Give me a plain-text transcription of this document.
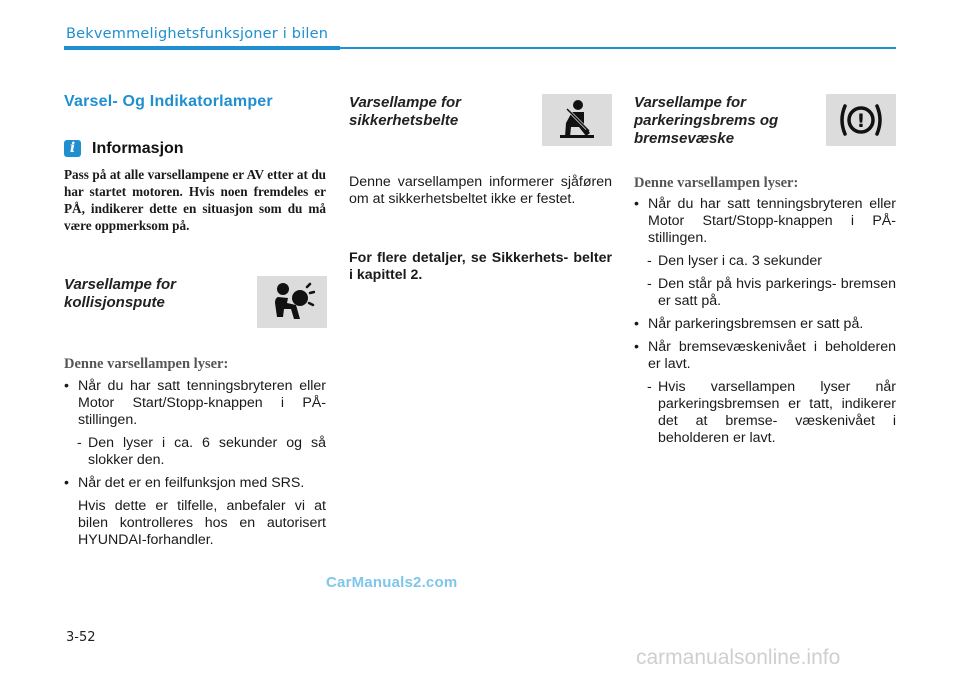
Bekvemmelighetsfunksjoner i bilen
Varsel- Og Indikatorlamper
i	Informasjon
Pass på at alle varsellampene er AV etter at du har startet motoren. Hvis noen fremdeles er PÅ, indikerer dette en situasjon som du må være oppmerksom på.
Varsellampe for
kollisjonspute
Denne varsellampen lyser:
• Når du har satt tenningsbryteren eller Motor Start/Stopp-knappen i PÅ- stillingen.
- Den lyser i ca. 6 sekunder og så slokker den.
• Når det er en feilfunksjon med SRS.
Hvis dette er tilfelle, anbefaler vi at bilen kontrolleres hos en autorisert HYUNDAI-forhandler.
Varsellampe for
sikkerhetsbelte
Denne varsellampen informerer sjåføren om at sikkerhetsbeltet ikke er festet.
For flere detaljer, se Sikkerhets- belter i kapittel 2.
Varsellampe for
parkeringsbrems og
bremsevæske
!
Denne varsellampen lyser:
• Når du har satt tenningsbryteren eller Motor Start/Stopp-knappen i PÅ-stillingen.
- Den lyser i ca. 3 sekunder
- Den står på hvis parkerings- bremsen er satt på.
• Når parkeringsbremsen er satt på.
• Når bremsevæskenivået i beholderen er lavt.
- Hvis varsellampen lyser når parkeringsbremsen er tatt, indikerer det at bremse- væskenivået i beholderen er lavt.
CarManuals2.com
3-52
carmanualsonline.info
